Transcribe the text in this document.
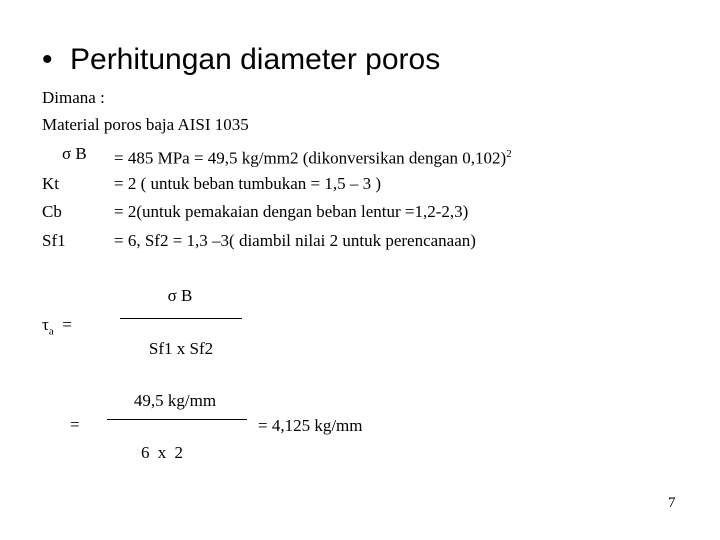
• Perhitungan diameter poros
Dimana :
Material poros baja AISI 1035
σ B = 485 MPa = 49,5 kg/mm2 (dikonversikan dengan 0,102)$^2$
Kt	= 2 ( untuk beban tumbukan = 1,5 – 3 )
Cb	= 2(untuk pemakaian dengan beban lentur =1,2-2,3)
Sf1	= 6, Sf2 = 1,3 –3( diambil nilai 2 untuk perencanaan)
σ B
$\tau_a$ =
Sf1 x Sf2
49,5 kg/mm
=	= 4,125 kg/mm
6 x 2
7
